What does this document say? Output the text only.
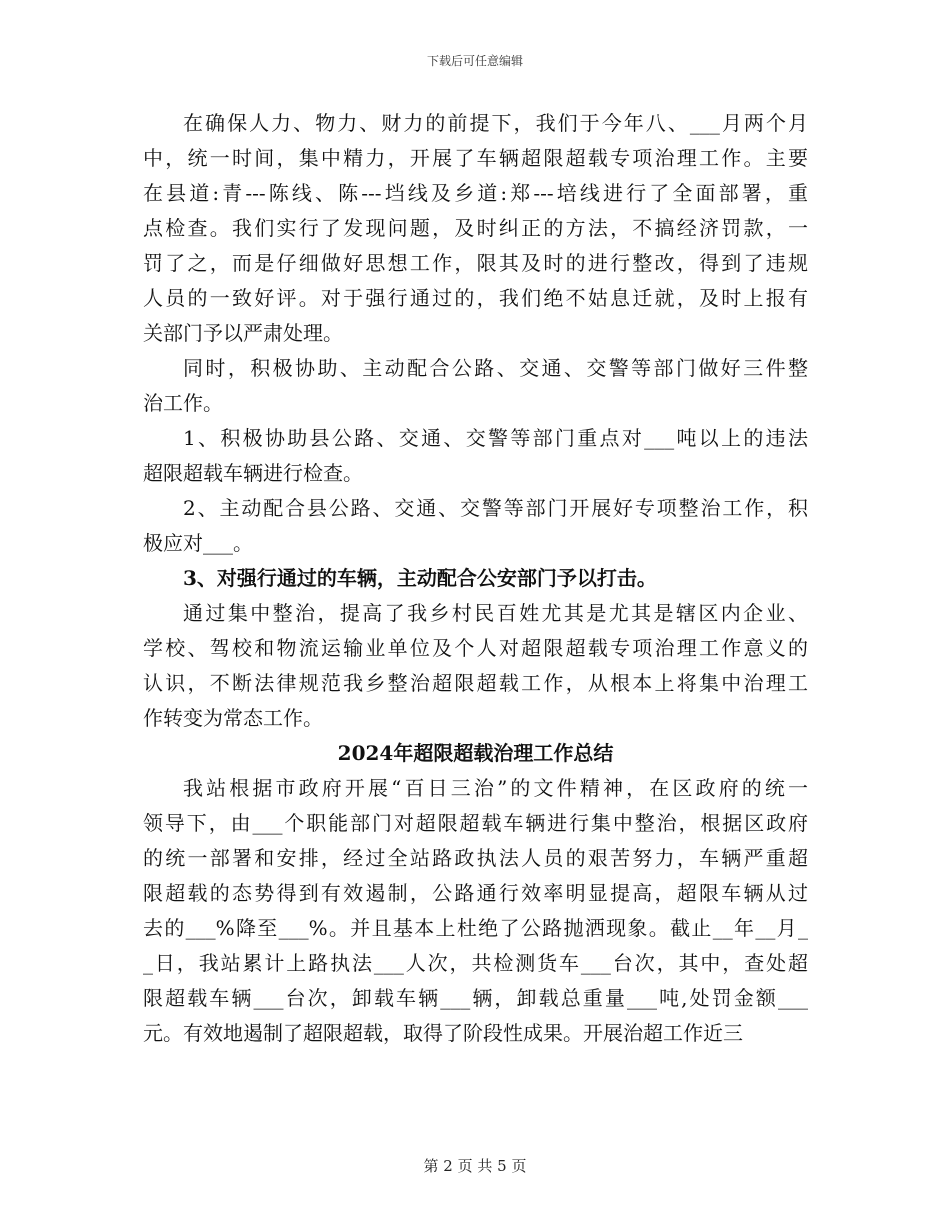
下载后可任意编辑

在确保人力、物力、财力的前提下，我们于今年八、___月两个月
中，统一时间，集中精力，开展了车辆超限超载专项治理工作。主要
在县道:青---陈线、陈---垱线及乡道:郑---培线进行了全面部署，重
点检查。我们实行了发现问题，及时纠正的方法，不搞经济罚款，一
罚了之，而是仔细做好思想工作，限其及时的进行整改，得到了违规
人员的一致好评。对于强行通过的，我们绝不姑息迁就，及时上报有
关部门予以严肃处理。

同时，积极协助、主动配合公路、交通、交警等部门做好三件整
治工作。

1、积极协助县公路、交通、交警等部门重点对___吨以上的违法
超限超载车辆进行检查。

2、主动配合县公路、交通、交警等部门开展好专项整治工作，积
极应对___。

3、对强行通过的车辆，主动配合公安部门予以打击。

通过集中整治，提高了我乡村民百姓尤其是尤其是辖区内企业、
学校、驾校和物流运输业单位及个人对超限超载专项治理工作意义的
认识，不断法律规范我乡整治超限超载工作，从根本上将集中治理工
作转变为常态工作。

2024年超限超载治理工作总结

我站根据市政府开展“百日三治”的文件精神，在区政府的统一
领导下，由___个职能部门对超限超载车辆进行集中整治，根据区政府
的统一部署和安排，经过全站路政执法人员的艰苦努力，车辆严重超
限超载的态势得到有效遏制，公路通行效率明显提高，超限车辆从过
去的___%降至___%。并且基本上杜绝了公路抛洒现象。截止__年__月_
_日，我站累计上路执法___人次，共检测货车___台次，其中，查处超
限超载车辆___台次，卸载车辆___辆，卸载总重量___吨,处罚金额___
元。有效地遏制了超限超载，取得了阶段性成果。开展治超工作近三

第 2 页 共 5 页
